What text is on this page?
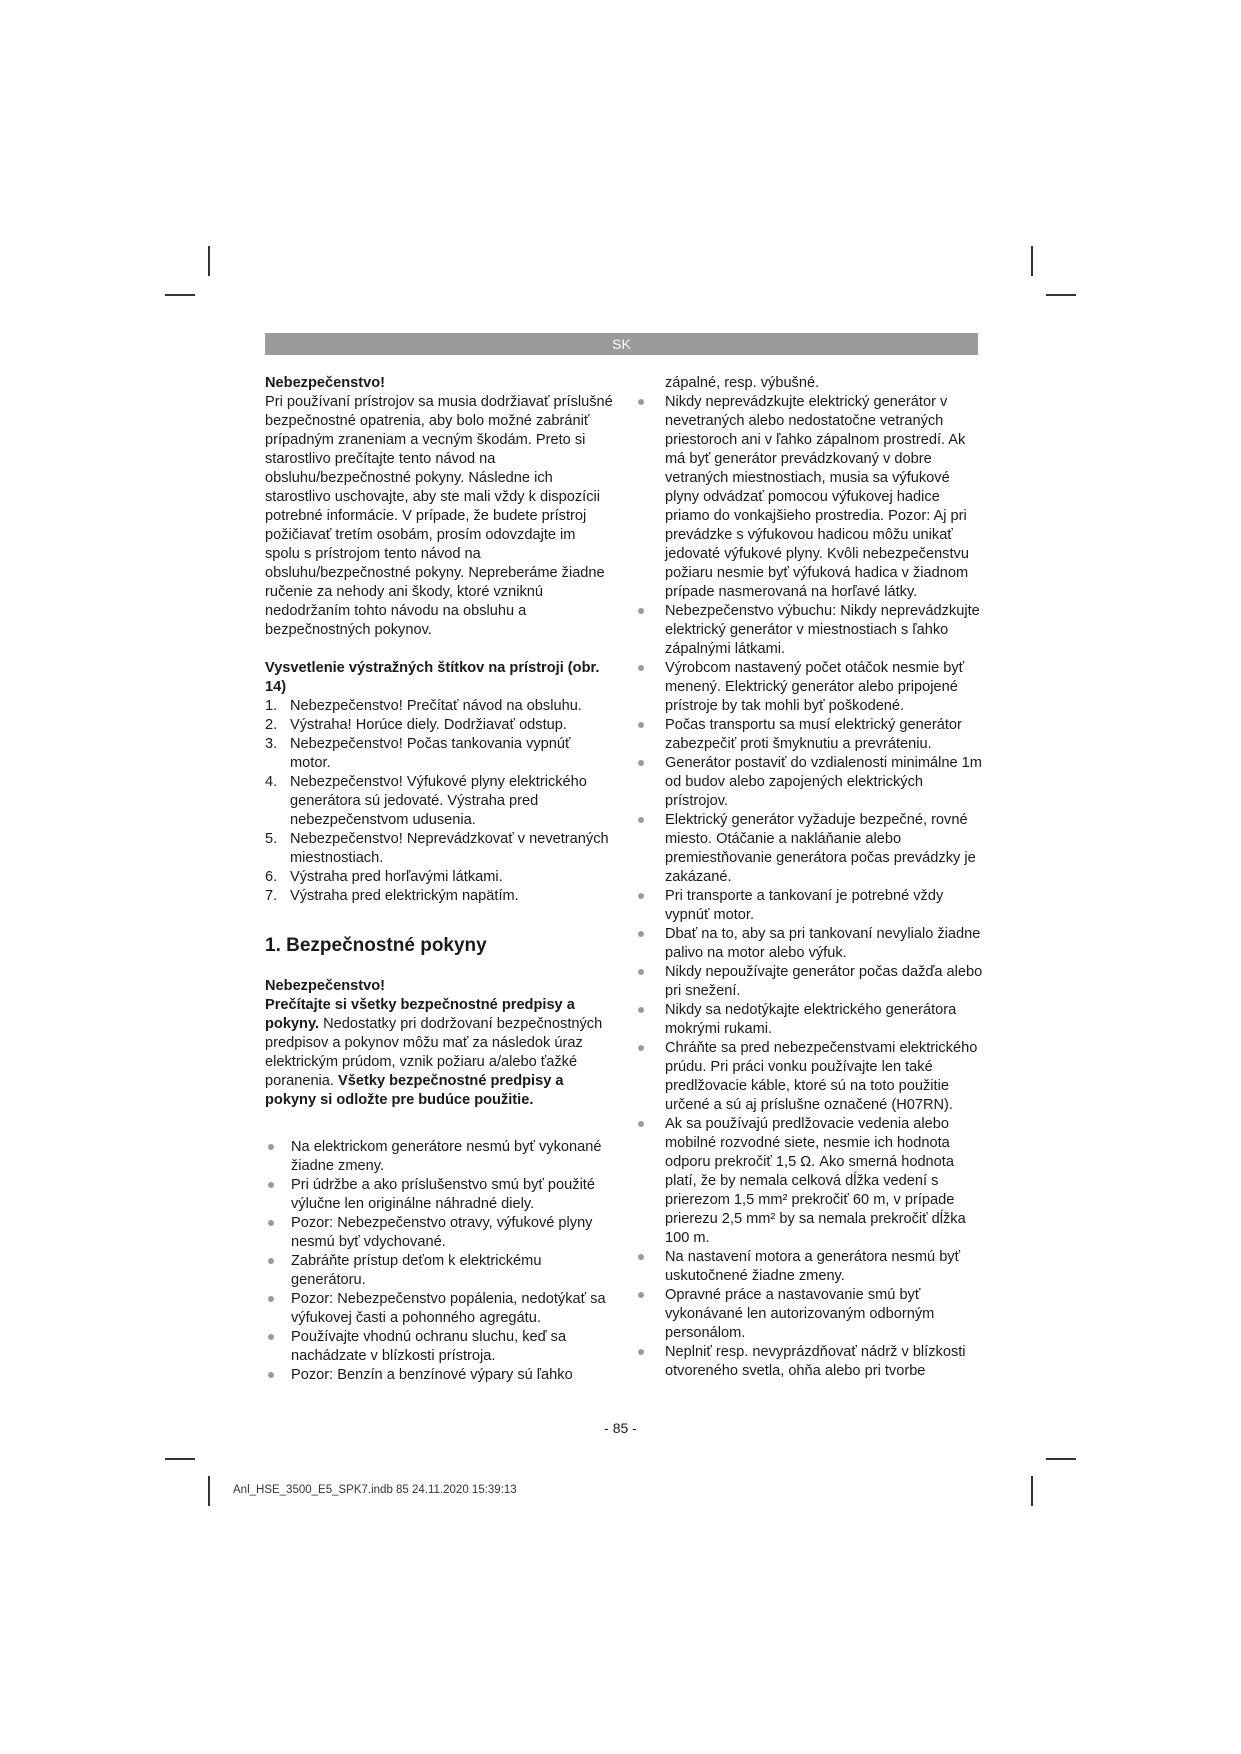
SK

Nebezpečenstvo!

Pri používaní prístrojov sa musia dodržiavať príslušné bezpečnostné opatrenia, aby bolo možné zabrániť prípadným zraneniam a vecným škodám. Preto si starostlivo prečítajte tento návod na obsluhu/bezpečnostné pokyny. Následne ich starostlivo uschovajte, aby ste mali vždy k dispozícii potrebné informácie. V prípade, že budete prístroj požičiavať tretím osobám, prosím odovzdajte im spolu s prístrojom tento návod na obsluhu/bezpečnostné pokyny. Nepreberáme žiadne ručenie za nehody ani škody, ktoré vzniknú nedodržaním tohto návodu na obsluhu a bezpečnostných pokynov.

Vysvetlenie výstražných štítkov na prístroji (obr. 14)

1. Nebezpečenstvo! Prečítať návod na obsluhu.
2. Výstraha! Horúce diely. Dodržiavať odstup.
3. Nebezpečenstvo! Počas tankovania vypnúť motor.
4. Nebezpečenstvo! Výfukové plyny elektrického generátora sú jedovaté. Výstraha pred nebezpečenstvom udusenia.
5. Nebezpečenstvo! Neprevádzkovať v nevetraných miestnostiach.
6. Výstraha pred horľavými látkami.
7. Výstraha pred elektrickým napätím.

1. Bezpečnostné pokyny

Nebezpečenstvo!

Prečítajte si všetky bezpečnostné predpisy a pokyny. Nedostatky pri dodržovaní bezpečnostných predpisov a pokynov môžu mať za následok úraz elektrickým prúdom, vznik požiaru a/alebo ťažké poranenia. Všetky bezpečnostné predpisy a pokyny si odložte pre budúce použitie.

Na elektrickom generátore nesmú byť vykonané žiadne zmeny.
Pri údržbe a ako príslušenstvo smú byť použité výlučne len originálne náhradné diely.
Pozor: Nebezpečenstvo otravy, výfukové plyny nesmú byť vdychované.
Zabráňte prístup deťom k elektrickému generátoru.
Pozor: Nebezpečenstvo popálenia, nedotýkať sa výfukovej časti a pohonného agregátu.
Používajte vhodnú ochranu sluchu, keď sa nachádzate v blízkosti prístroja.
Pozor: Benzín a benzínové výpary sú ľahko

zápalné, resp. výbušné.

Nikdy neprevádzkujte elektrický generátor v nevetraných alebo nedostatočne vetraných priestoroch ani v ľahko zápalnom prostredí. Ak má byť generátor prevádzkovaný v dobre vetraných miestnostiach, musia sa výfukové plyny odvádzať pomocou výfukovej hadice priamo do vonkajšieho prostredia. Pozor: Aj pri prevádzke s výfukovou hadicou môžu unikať jedovaté výfukové plyny. Kvôli nebezpečenstvu požiaru nesmie byť výfuková hadica v žiadnom prípade nasmerovaná na horľavé látky.
Nebezpečenstvo výbuchu: Nikdy neprevádzkujte elektrický generátor v miestnostiach s ľahko zápalnými látkami.
Výrobcom nastavený počet otáčok nesmie byť menený. Elektrický generátor alebo pripojené prístroje by tak mohli byť poškodené.
Počas transportu sa musí elektrický generátor zabezpečiť proti šmyknutiu a prevráteniu.
Generátor postaviť do vzdialenosti minimálne 1m od budov alebo zapojených elektrických prístrojov.
Elektrický generátor vyžaduje bezpečné, rovné miesto. Otáčanie a nakláňanie alebo premiestňovanie generátora počas prevádzky je zakázané.
Pri transporte a tankovaní je potrebné vždy vypnúť motor.
Dbať na to, aby sa pri tankovaní nevylialo žiadne palivo na motor alebo výfuk.
Nikdy nepoužívajte generátor počas dažďa alebo pri snežení.
Nikdy sa nedotýkajte elektrického generátora mokrými rukami.
Chráňte sa pred nebezpečenstvami elektrického prúdu. Pri práci vonku používajte len také predlžovacie káble, ktoré sú na toto použitie určené a sú aj príslušne označené (H07RN).
Ak sa používajú predlžovacie vedenia alebo mobilné rozvodné siete, nesmie ich hodnota odporu prekročiť 1,5 Ω. Ako smerná hodnota platí, že by nemala celková dĺžka vedení s prierezom 1,5 mm² prekročiť 60 m, v prípade prierezu 2,5 mm² by sa nemala prekročiť dĺžka 100 m.
Na nastavení motora a generátora nesmú byť uskutočnené žiadne zmeny.
Opravné práce a nastavovanie smú byť vykonávané len autorizovaným odborným personálom.
Neplniť resp. nevyprázdňovať nádrž v blízkosti otvoreného svetla, ohňa alebo pri tvorbe
- 85 -
Anl_HSE_3500_E5_SPK7.indb 85 24.11.2020 15:39:13
